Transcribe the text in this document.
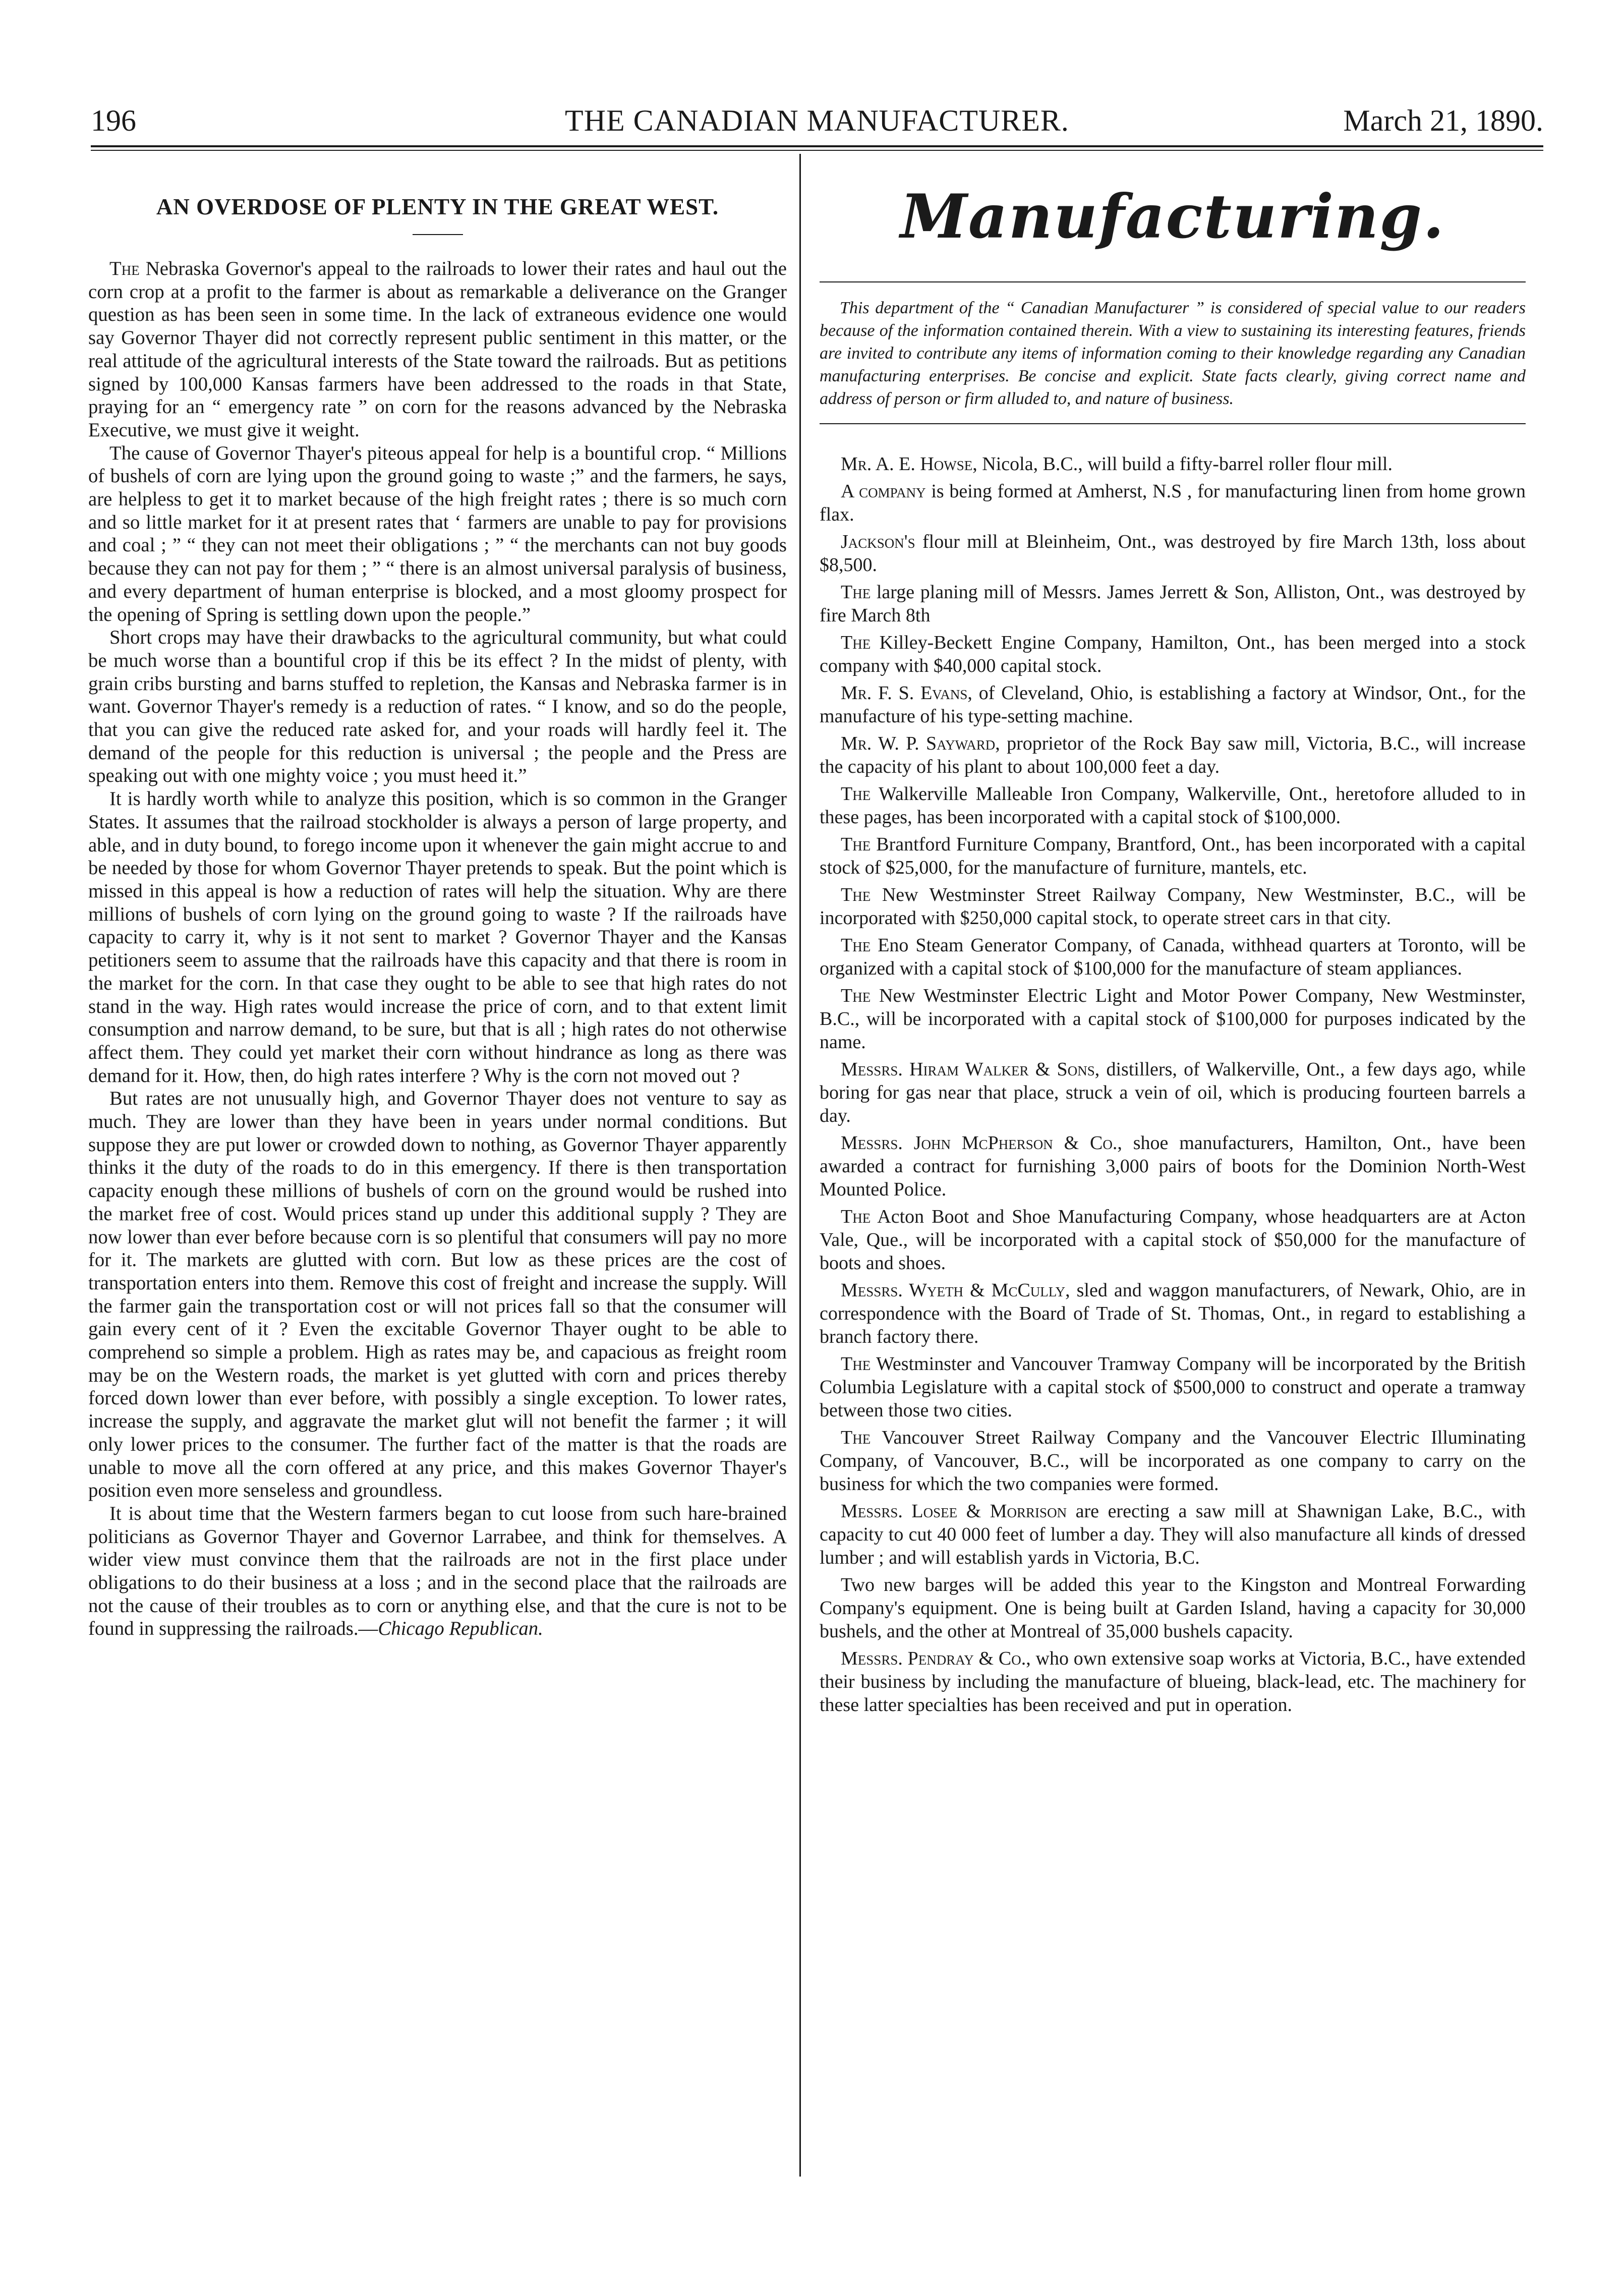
196	THE CANADIAN MANUFACTURER.	March 21, 1890.
AN OVERDOSE OF PLENTY IN THE GREAT WEST.

The Nebraska Governor's appeal to the railroads to lower their rates and haul out the corn crop at a profit to the farmer is about as remarkable a deliverance on the Granger question as has been seen in some time. In the lack of extraneous evidence one would say Governor Thayer did not correctly represent public sentiment in this matter, or the real attitude of the agricultural interests of the State toward the railroads. But as petitions signed by 100,000 Kansas farmers have been addressed to the roads in that State, praying for an “ emergency rate ” on corn for the reasons advanced by the Nebraska Executive, we must give it weight.

The cause of Governor Thayer's piteous appeal for help is a bountiful crop. “ Millions of bushels of corn are lying upon the ground going to waste ;” and the farmers, he says, are helpless to get it to market because of the high freight rates ; there is so much corn and so little market for it at present rates that ‘ farmers are unable to pay for provisions and coal ; ” “ they can not meet their obligations ; ” “ the merchants can not buy goods because they can not pay for them ; ” “ there is an almost universal paralysis of business, and every department of human enterprise is blocked, and a most gloomy prospect for the opening of Spring is settling down upon the people.”

Short crops may have their drawbacks to the agricultural community, but what could be much worse than a bountiful crop if this be its effect ? In the midst of plenty, with grain cribs bursting and barns stuffed to repletion, the Kansas and Nebraska farmer is in want. Governor Thayer's remedy is a reduction of rates. “ I know, and so do the people, that you can give the reduced rate asked for, and your roads will hardly feel it. The demand of the people for this reduction is universal ; the people and the Press are speaking out with one mighty voice ; you must heed it.”

It is hardly worth while to analyze this position, which is so common in the Granger States. It assumes that the railroad stockholder is always a person of large property, and able, and in duty bound, to forego income upon it whenever the gain might accrue to and be needed by those for whom Governor Thayer pretends to speak. But the point which is missed in this appeal is how a reduction of rates will help the situation. Why are there millions of bushels of corn lying on the ground going to waste ? If the railroads have capacity to carry it, why is it not sent to market ? Governor Thayer and the Kansas petitioners seem to assume that the railroads have this capacity and that there is room in the market for the corn. In that case they ought to be able to see that high rates do not stand in the way. High rates would increase the price of corn, and to that extent limit consumption and narrow demand, to be sure, but that is all ; high rates do not otherwise affect them. They could yet market their corn without hindrance as long as there was demand for it. How, then, do high rates interfere ? Why is the corn not moved out ?

But rates are not unusually high, and Governor Thayer does not venture to say as much. They are lower than they have been in years under normal conditions. But suppose they are put lower or crowded down to nothing, as Governor Thayer apparently thinks it the duty of the roads to do in this emergency. If there is then transportation capacity enough these millions of bushels of corn on the ground would be rushed into the market free of cost. Would prices stand up under this additional supply ? They are now lower than ever before because corn is so plentiful that consumers will pay no more for it. The markets are glutted with corn. But low as these prices are the cost of transportation enters into them. Remove this cost of freight and increase the supply. Will the farmer gain the transportation cost or will not prices fall so that the consumer will gain every cent of it ? Even the excitable Governor Thayer ought to be able to comprehend so simple a problem. High as rates may be, and capacious as freight room may be on the Western roads, the market is yet glutted with corn and prices thereby forced down lower than ever before, with possibly a single exception. To lower rates, increase the supply, and aggravate the market glut will not benefit the farmer ; it will only lower prices to the consumer. The further fact of the matter is that the roads are unable to move all the corn offered at any price, and this makes Governor Thayer's position even more senseless and groundless.

It is about time that the Western farmers began to cut loose from such hare-brained politicians as Governor Thayer and Governor Larrabee, and think for themselves. A wider view must convince them that the railroads are not in the first place under obligations to do their business at a loss ; and in the second place that the railroads are not the cause of their troubles as to corn or anything else, and that the cure is not to be found in suppressing the railroads.—Chicago Republican.

Manufacturing.

This department of the “ Canadian Manufacturer ” is considered of special value to our readers because of the information contained therein. With a view to sustaining its interesting features, friends are invited to contribute any items of information coming to their knowledge regarding any Canadian manufacturing enterprises. Be concise and explicit. State facts clearly, giving correct name and address of person or firm alluded to, and nature of business.

Mr. A. E. Howse, Nicola, B.C., will build a fifty-barrel roller flour mill.

A company is being formed at Amherst, N.S , for manufacturing linen from home grown flax.

Jackson's flour mill at Bleinheim, Ont., was destroyed by fire March 13th, loss about $8,500.

The large planing mill of Messrs. James Jerrett & Son, Alliston, Ont., was destroyed by fire March 8th

The Killey-Beckett Engine Company, Hamilton, Ont., has been merged into a stock company with $40,000 capital stock.

Mr. F. S. Evans, of Cleveland, Ohio, is establishing a factory at Windsor, Ont., for the manufacture of his type-setting machine.

Mr. W. P. Sayward, proprietor of the Rock Bay saw mill, Victoria, B.C., will increase the capacity of his plant to about 100,000 feet a day.

The Walkerville Malleable Iron Company, Walkerville, Ont., heretofore alluded to in these pages, has been incorporated with a capital stock of $100,000.

The Brantford Furniture Company, Brantford, Ont., has been incorporated with a capital stock of $25,000, for the manufacture of furniture, mantels, etc.

The New Westminster Street Railway Company, New Westminster, B.C., will be incorporated with $250,000 capital stock, to operate street cars in that city.

The Eno Steam Generator Company, of Canada, withhead quarters at Toronto, will be organized with a capital stock of $100,000 for the manufacture of steam appliances.

The New Westminster Electric Light and Motor Power Company, New Westminster, B.C., will be incorporated with a capital stock of $100,000 for purposes indicated by the name.

Messrs. Hiram Walker & Sons, distillers, of Walkerville, Ont., a few days ago, while boring for gas near that place, struck a vein of oil, which is producing fourteen barrels a day.

Messrs. John McPherson & Co., shoe manufacturers, Hamilton, Ont., have been awarded a contract for furnishing 3,000 pairs of boots for the Dominion North-West Mounted Police.

The Acton Boot and Shoe Manufacturing Company, whose headquarters are at Acton Vale, Que., will be incorporated with a capital stock of $50,000 for the manufacture of boots and shoes.

Messrs. Wyeth & McCully, sled and waggon manufacturers, of Newark, Ohio, are in correspondence with the Board of Trade of St. Thomas, Ont., in regard to establishing a branch factory there.

The Westminster and Vancouver Tramway Company will be incorporated by the British Columbia Legislature with a capital stock of $500,000 to construct and operate a tramway between those two cities.

The Vancouver Street Railway Company and the Vancouver Electric Illuminating Company, of Vancouver, B.C., will be incorporated as one company to carry on the business for which the two companies were formed.

Messrs. Losee & Morrison are erecting a saw mill at Shawnigan Lake, B.C., with capacity to cut 40 000 feet of lumber a day. They will also manufacture all kinds of dressed lumber ; and will establish yards in Victoria, B.C.

Two new barges will be added this year to the Kingston and Montreal Forwarding Company's equipment. One is being built at Garden Island, having a capacity for 30,000 bushels, and the other at Montreal of 35,000 bushels capacity.

Messrs. Pendray & Co., who own extensive soap works at Victoria, B.C., have extended their business by including the manufacture of blueing, black-lead, etc. The machinery for these latter specialties has been received and put in operation.
